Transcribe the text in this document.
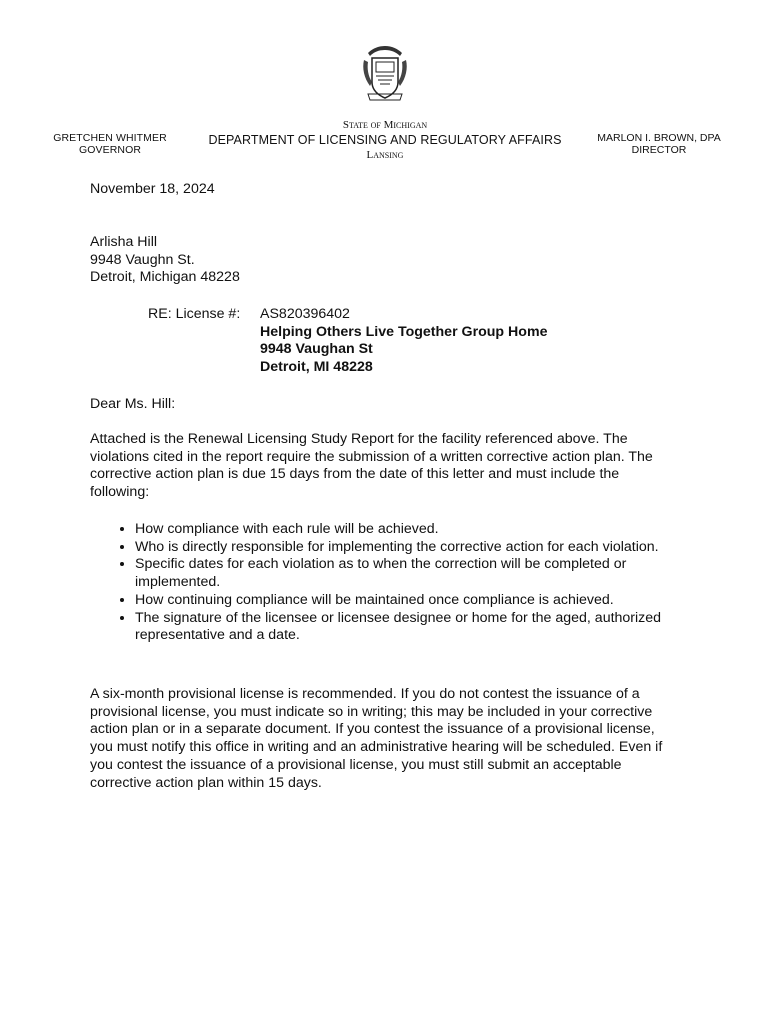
GRETCHEN WHITMER
GOVERNOR
State of Michigan
DEPARTMENT OF LICENSING AND REGULATORY AFFAIRS
Lansing
MARLON I. BROWN, DPA
DIRECTOR
November 18, 2024
Arlisha Hill
9948 Vaughn St.
Detroit, Michigan 48228
RE: License #: AS820396402
Helping Others Live Together Group Home
9948 Vaughan St
Detroit, MI 48228
Dear Ms. Hill:
Attached is the Renewal Licensing Study Report for the facility referenced above. The violations cited in the report require the submission of a written corrective action plan. The corrective action plan is due 15 days from the date of this letter and must include the following:
• How compliance with each rule will be achieved.
• Who is directly responsible for implementing the corrective action for each violation.
• Specific dates for each violation as to when the correction will be completed or implemented.
• How continuing compliance will be maintained once compliance is achieved.
• The signature of the licensee or licensee designee or home for the aged, authorized representative and a date.
A six-month provisional license is recommended. If you do not contest the issuance of a provisional license, you must indicate so in writing; this may be included in your corrective action plan or in a separate document. If you contest the issuance of a provisional license, you must notify this office in writing and an administrative hearing will be scheduled. Even if you contest the issuance of a provisional license, you must still submit an acceptable corrective action plan within 15 days.
